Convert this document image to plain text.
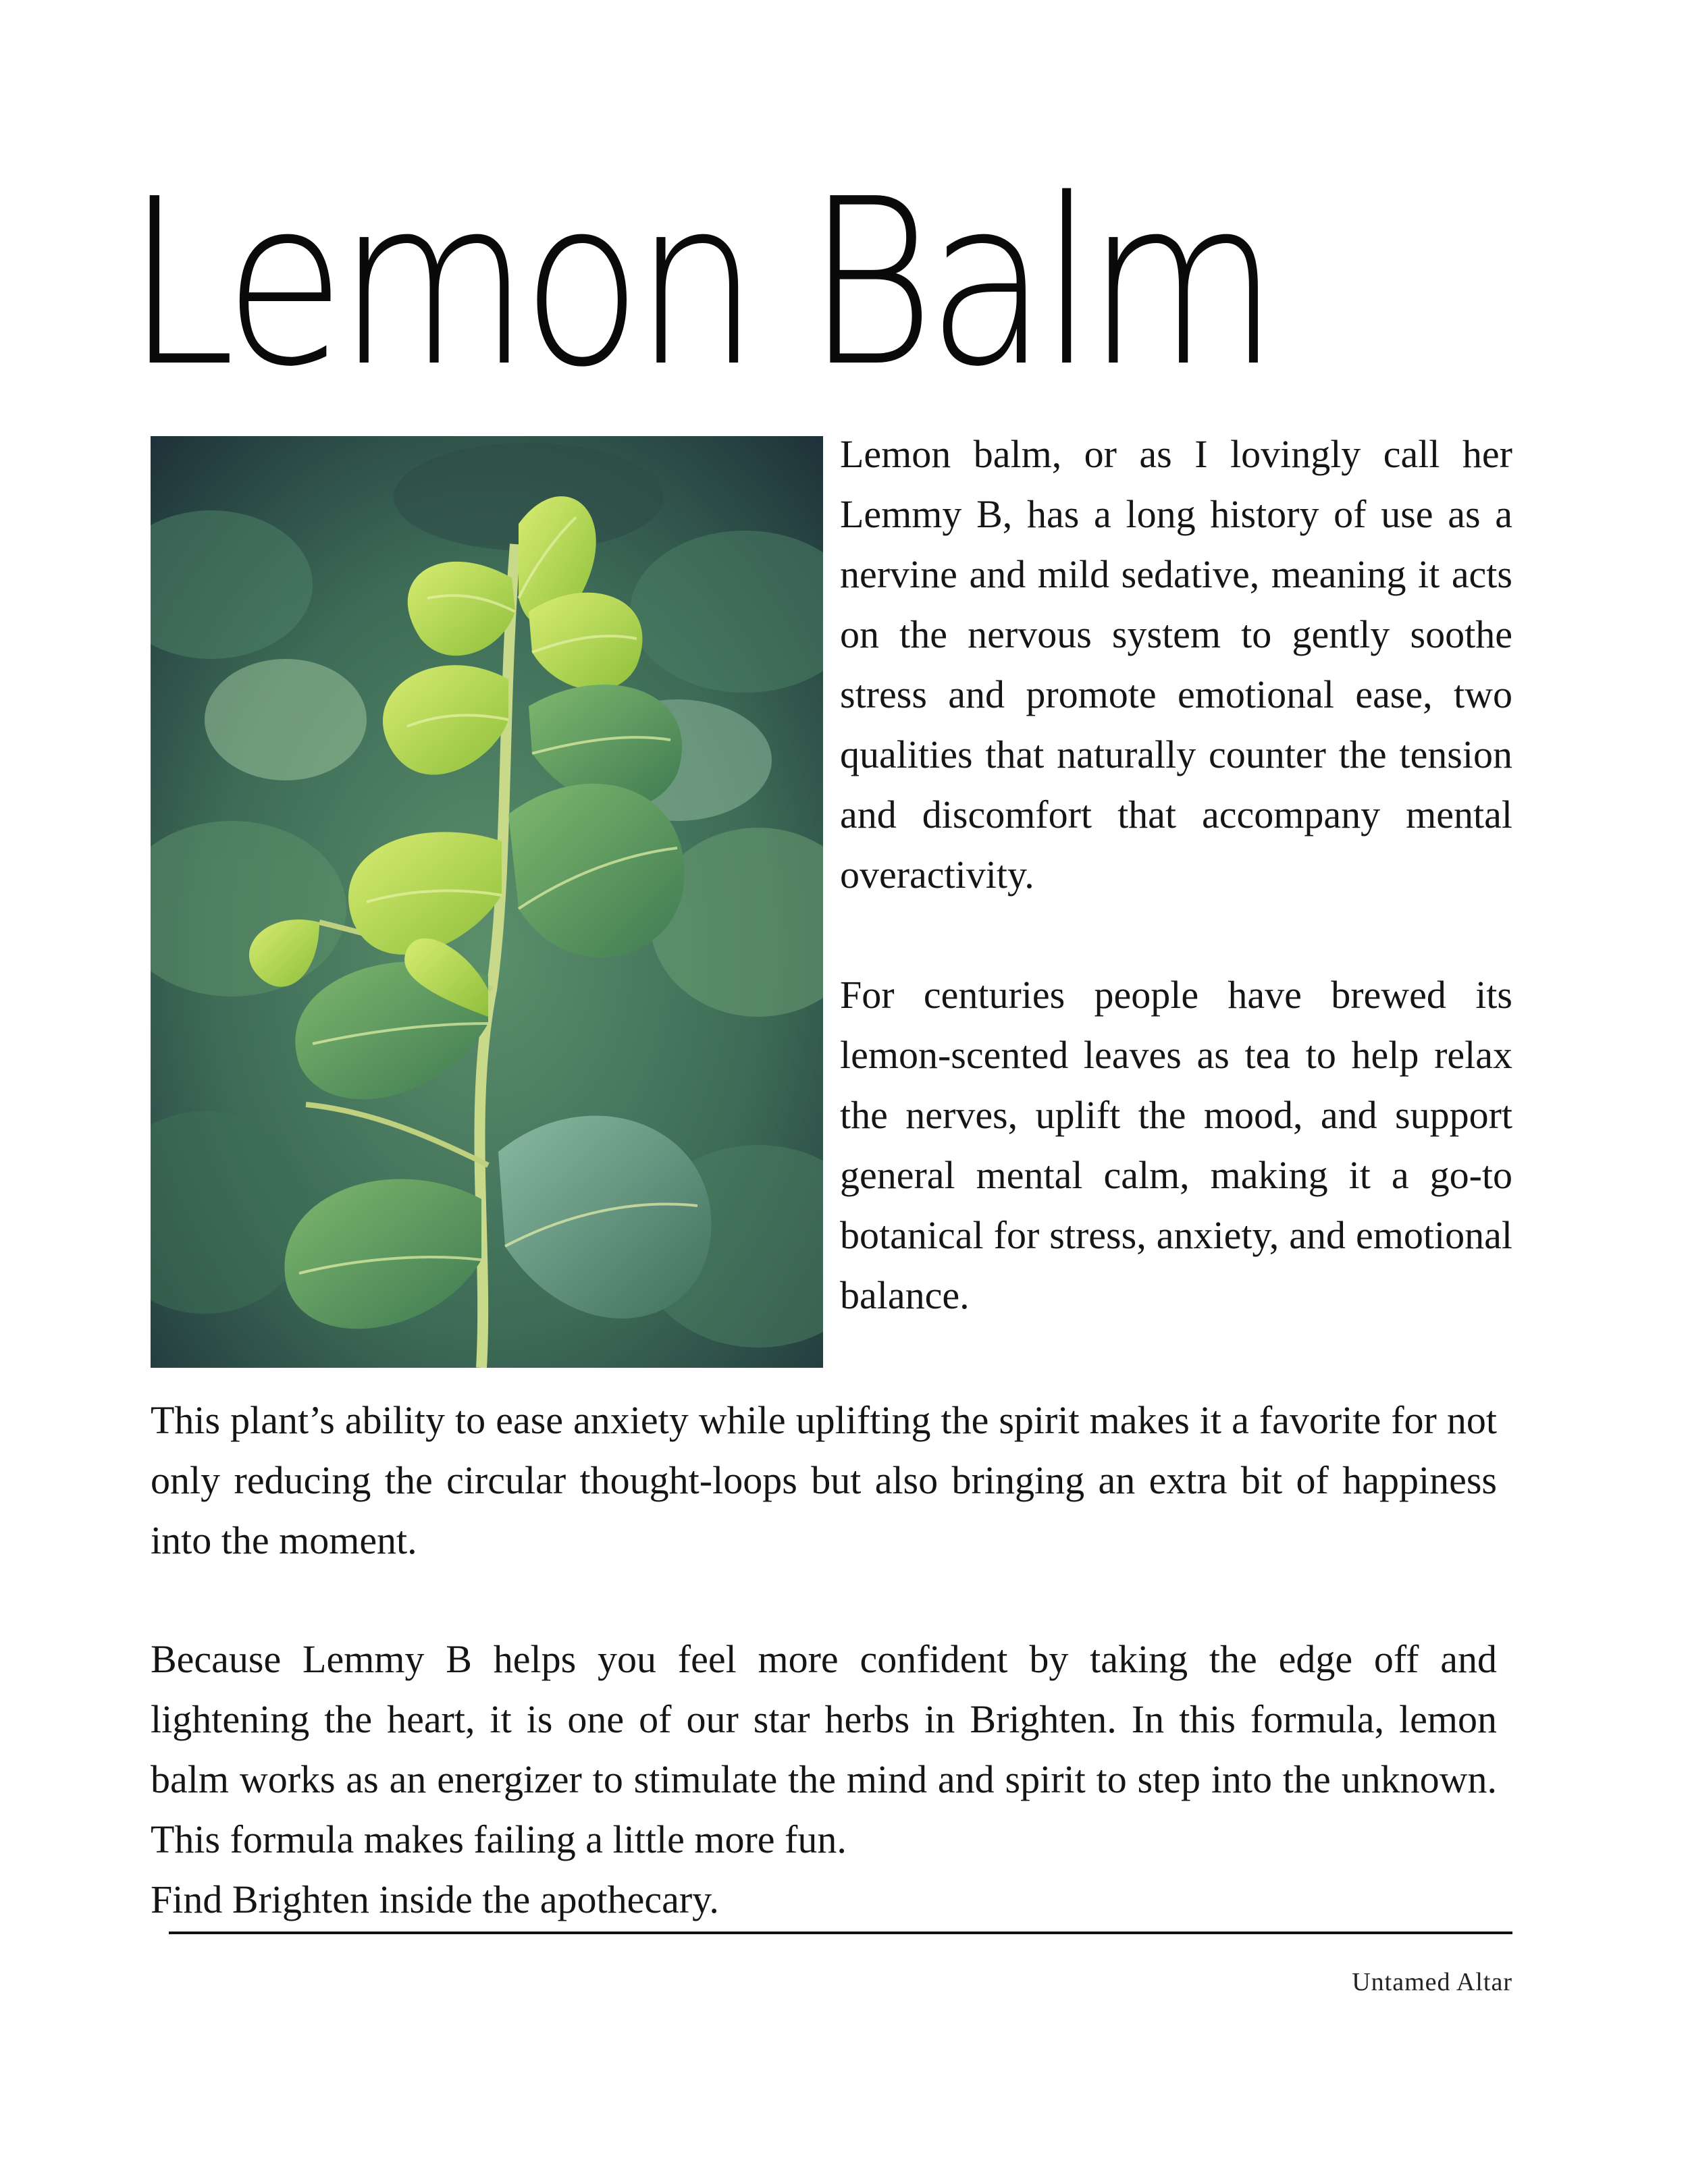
Lemon Balm

Lemon balm, or as I lovingly call her Lemmy B, has a long history of use as a nervine and mild sedative, meaning it acts on the nervous system to gently soothe stress and promote emotional ease, two qualities that naturally counter the tension and discomfort that accompany mental overactivity.

For centuries people have brewed its lemon-scented leaves as tea to help relax the nerves, uplift the mood, and support general mental calm, making it a go-to botanical for stress, anxiety, and emotional balance.

This plant’s ability to ease anxiety while uplifting the spirit makes it a favorite for not only reducing the circular thought-loops but also bringing an extra bit of happiness into the moment.

Because Lemmy B helps you feel more confident by taking the edge off and lightening the heart, it is one of our star herbs in Brighten. In this formula, lemon balm works as an energizer to stimulate the mind and spirit to step into the unknown. This formula makes failing a little more fun.

Find Brighten inside the apothecary.

Untamed Altar
